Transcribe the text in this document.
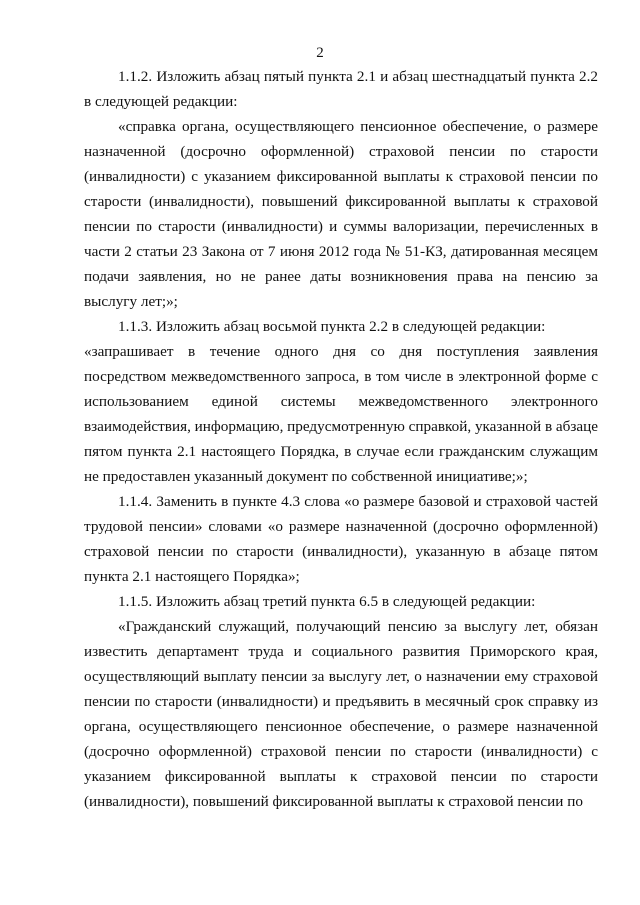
2

1.1.2. Изложить абзац пятый пункта 2.1 и абзац шестнадцатый пункта 2.2 в следующей редакции:

«справка органа, осуществляющего пенсионное обеспечение, о размере назначенной (досрочно оформленной) страховой пенсии по старости (инвалидности) с указанием фиксированной выплаты к страховой пенсии по старости (инвалидности), повышений фиксированной выплаты к страховой пенсии по старости (инвалидности) и суммы валоризации, перечисленных в части 2 статьи 23 Закона от 7 июня 2012 года № 51-КЗ, датированная месяцем подачи заявления, но не ранее даты возникновения права на пенсию за выслугу лет;»;

1.1.3. Изложить абзац восьмой пункта 2.2 в следующей редакции:

«запрашивает в течение одного дня со дня поступления заявления посредством межведомственного запроса, в том числе в электронной форме с использованием единой системы межведомственного электронного взаимодействия, информацию, предусмотренную справкой, указанной в абзаце пятом пункта 2.1 настоящего Порядка, в случае если гражданским служащим не предоставлен указанный документ по собственной инициативе;»;

1.1.4. Заменить в пункте 4.3 слова «о размере базовой и страховой частей трудовой пенсии» словами «о размере назначенной (досрочно оформленной) страховой пенсии по старости (инвалидности), указанную в абзаце пятом пункта 2.1 настоящего Порядка»;

1.1.5. Изложить абзац третий пункта 6.5 в следующей редакции:

«Гражданский служащий, получающий пенсию за выслугу лет, обязан известить департамент труда и социального развития Приморского края, осуществляющий выплату пенсии за выслугу лет, о назначении ему страховой пенсии по старости (инвалидности) и предъявить в месячный срок справку из органа, осуществляющего пенсионное обеспечение, о размере назначенной (досрочно оформленной) страховой пенсии по старости (инвалидности) с указанием фиксированной выплаты к страховой пенсии по старости (инвалидности), повышений фиксированной выплаты к страховой пенсии по
